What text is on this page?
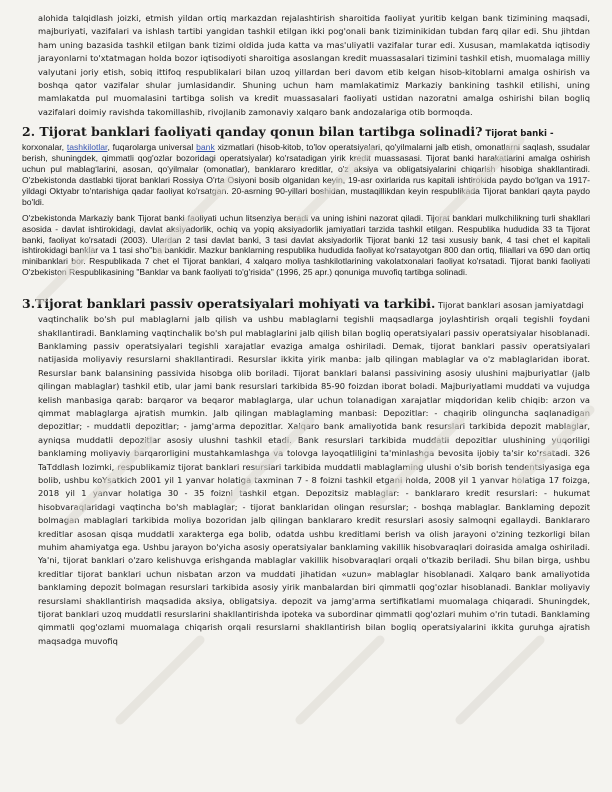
alohida talqidlash joizki, etmish yildan ortiq markazdan rejalashtirish sharoitida faoliyat yuritib kelgan bank tizimining maqsadi, majburiyati, vazifalari va ishlash tartibi yangidan tashkil etilgan ikki pog'onali bank tiziminikidan tubdan farq qilar edi. Shu jihtdan ham uning bazasida tashkil etilgan bank tizimi oldida juda katta va mas'uliyatli vazifalar turar edi. Xususan, mamlakatda iqtisodiy jarayonlarni to'xtatmagan holda bozor iqtisodiyoti sharoitiga asoslangan kredit muassasalari tizimini tashkil etish, muomalaga milliy valyutani joriy etish, sobiq ittifoq respublikalari bilan uzoq yillardan beri davom etib kelgan hisob-kitoblarni amalga oshirish va boshqa qator vazifalar shular jumlasidandir. Shuning uchun ham mamlakatimiz Markaziy bankining tashkil etilishi, uning mamlakatda pul muomalasini tartibga solish va kredit muassasalari faoliyati ustidan nazoratni amalga oshirishi bilan bogliq vazifalari doimiy ravishda takomillashib, rivojlanib zamonaviy xalqaro bank andozalariga otib bormoqda.

2. Tijorat banklari faoliyati qanday qonun bilan tartibga solinadi? Tijorat banki -

korxonalar, tashkilotlar, fuqarolarga universal bank xizmatlari (hisob-kitob, to'lov operatsiyalari, qo'yilmalarni jalb etish, omonatlarni saqlash, ssudalar berish, shuningdek, qimmatli qog'ozlar bozoridagi operatsiyalar) ko'rsatadigan yirik kredit muassasasi. Tijorat banki harakatlarini amalga oshirish uchun pul mablagʻlarini, asosan, qo'yilmalar (omonatlar), banklararo kreditlar, o'z aksiya va obligatsiyalarini chiqarish hisobiga shakllantiradi. O'zbekistonda dastlabki tijorat banklari Rossiya O'rta Osiyoni bosib olganidan keyin, 19-asr oxirlarida rus kapitali ishtirokida paydo boʻlgan va 1917-yildagi Oktyabr to'ntarishiga qadar faoliyat ko'rsatgan. 20-asrning 90-yillari boshidan, mustaqillikdan keyin respublikada Tijorat banklari qayta paydo bo'ldi.

O'zbekistonda Markaziy bank Tijorat banki faoliyati uchun litsenziya beradi va uning ishini nazorat qiladi. Tijorat banklari mulkchilikning turli shakllari asosida - davlat ishtirokidagi, davlat aksiyadorlik, ochiq va yopiq aksiyadorlik jamiyatlari tarzida tashkil etilgan. Respublika hududida 33 ta Tijorat banki, faoliyat ko'rsatadi (2003). Ulardan 2 tasi davlat banki, 3 tasi davlat aksiyadorlik Tijorat banki 12 tasi xususiy bank, 4 tasi chet el kapitali ishtirokidagi banklar va 1 tasi sho''ba bankidir. Mazkur banklarning respublika hududida faoliyat ko'rsatayotgan 800 dan ortiq, filiallari va 690 dan ortiq minibanklari bor. Respublikada 7 chet el Tijorat banklari, 4 xalqaro moliya tashkilotlarining vakolatxonalari faoliyat ko'rsatadi. Tijorat banki faoliyati O'zbekiston Respublikasining "Banklar va bank faoliyati to'g'risida" (1996, 25 apr.) qonuniga muvofiq tartibga solinadi.

3.Tijorat banklari passiv operatsiyalari mohiyati va tarkibi. Tijorat banklari asosan jamiyatdagi

vaqtinchalik bo'sh pul mablaglarni jalb qilish va ushbu mablaglarni tegishli maqsadlarga joylashtirish orqali tegishli foydani shakllantiradi. Banklaming vaqtinchalik bo'sh pul mablaglarini jalb qilish bilan bogliq operatsiyalari passiv operatsiyalar hisoblanadi. Banklaming passiv operatsiyalari tegishli xarajatlar evaziga amalga oshiriladi. Demak, tijorat banklari passiv operatsiyalari natijasida moliyaviy resurslarni shakllantiradi. Resurslar ikkita yirik manba: jalb qilingan mablaglar va o'z mablaglaridan iborat. Resurslar bank balansining passivida hisobga olib boriladi. Tijorat banklari balansi passivining asosiy ulushini majburiyatlar (jalb qilingan mablaglar) tashkil etib, ular jami bank resurslari tarkibida 85-90 foizdan iborat boladi. Majburiyatlami muddati va vujudga kelish manbasiga qarab: barqaror va beqaror mablaglarga, ular uchun tolanadigan xarajatlar miqdoridan kelib chiqib: arzon va qimmat mablaglarga ajratish mumkin. Jalb qilingan mablaglaming manbasi: Depozitlar: - chaqirib olinguncha saqlanadigan depozitlar; - muddatli depozitlar; - jamg'arma depozitlar. Xalqaro bank amaliyotida bank resurslari tarkibida depozit mablaglar, ayniqsa muddatli depozitlar asosiy ulushni tashkil etadi. Bank resurslari tarkibida muddatli depozitlar ulushining yuqoriligi banklaming moliyaviy barqarorligini mustahkamlashga va tolovga layoqatliligini ta'minlashga bevosita ijobiy ta'sir ko'rsatadi. 326 TaTddlash lozimki, respublikamiz tijorat banklari resurslari tarkibida muddatli mablaglaming ulushi o'sib borish tendentsiyasiga ega bolib, ushbu koYsatkich 2001 yil 1 yanvar holatiga taxminan 7 - 8 foizni tashkil etgani holda, 2008 yil 1 yanvar holatiga 17 foizga, 2018 yil 1 yanvar holatiga 30 - 35 foizni tashkil etgan. Depozitsiz mablaglar: - banklararo kredit resurslari: - hukumat hisobvaraqlaridagi vaqtincha bo'sh mablaglar; - tijorat banklaridan olingan resurslar; - boshqa mablaglar. Banklaming depozit bolmagan mablaglari tarkibida moliya bozoridan jalb qilingan banklararo kredit resurslari asosiy salmoqni egallaydi. Banklararo kreditlar asosan qisqa muddatli xarakterga ega bolib, odatda ushbu kreditlami berish va olish jarayoni o'zining tezkorligi bilan muhim ahamiyatga ega. Ushbu jarayon bo'yicha asosiy operatsiyalar banklaming vakillik hisobvaraqlari doirasida amalga oshiriladi. Ya'ni, tijorat banklari o'zaro kelishuvga erishganda mablaglar vakillik hisobvaraqlari orqali o'tkazib beriladi. Shu bilan birga, ushbu kreditlar tijorat banklari uchun nisbatan arzon va muddati jihatidan «uzun» mablaglar hisoblanadi. Xalqaro bank amaliyotida banklaming depozit bolmagan resurslari tarkibida asosiy yirik manbalardan biri qimmatli qog'ozlar hisoblanadi. Banklar moliyaviy resurslami shakllantirish maqsadida aksiya, obligatsiya. depozit va jamg'arma sertifikatlami muomalaga chiqaradi. Shuningdek, tijorat banklari uzoq muddatli resurslarini shakllantirishda ipoteka va subordinar qimmatli qog'ozlari muhim o'rin tutadi. Banklaming qimmatli qog'ozlami muomalaga chiqarish orqali resurslarni shakllantirish bilan bogliq operatsiyalarini ikkita guruhga ajratish maqsadga muvofiq
